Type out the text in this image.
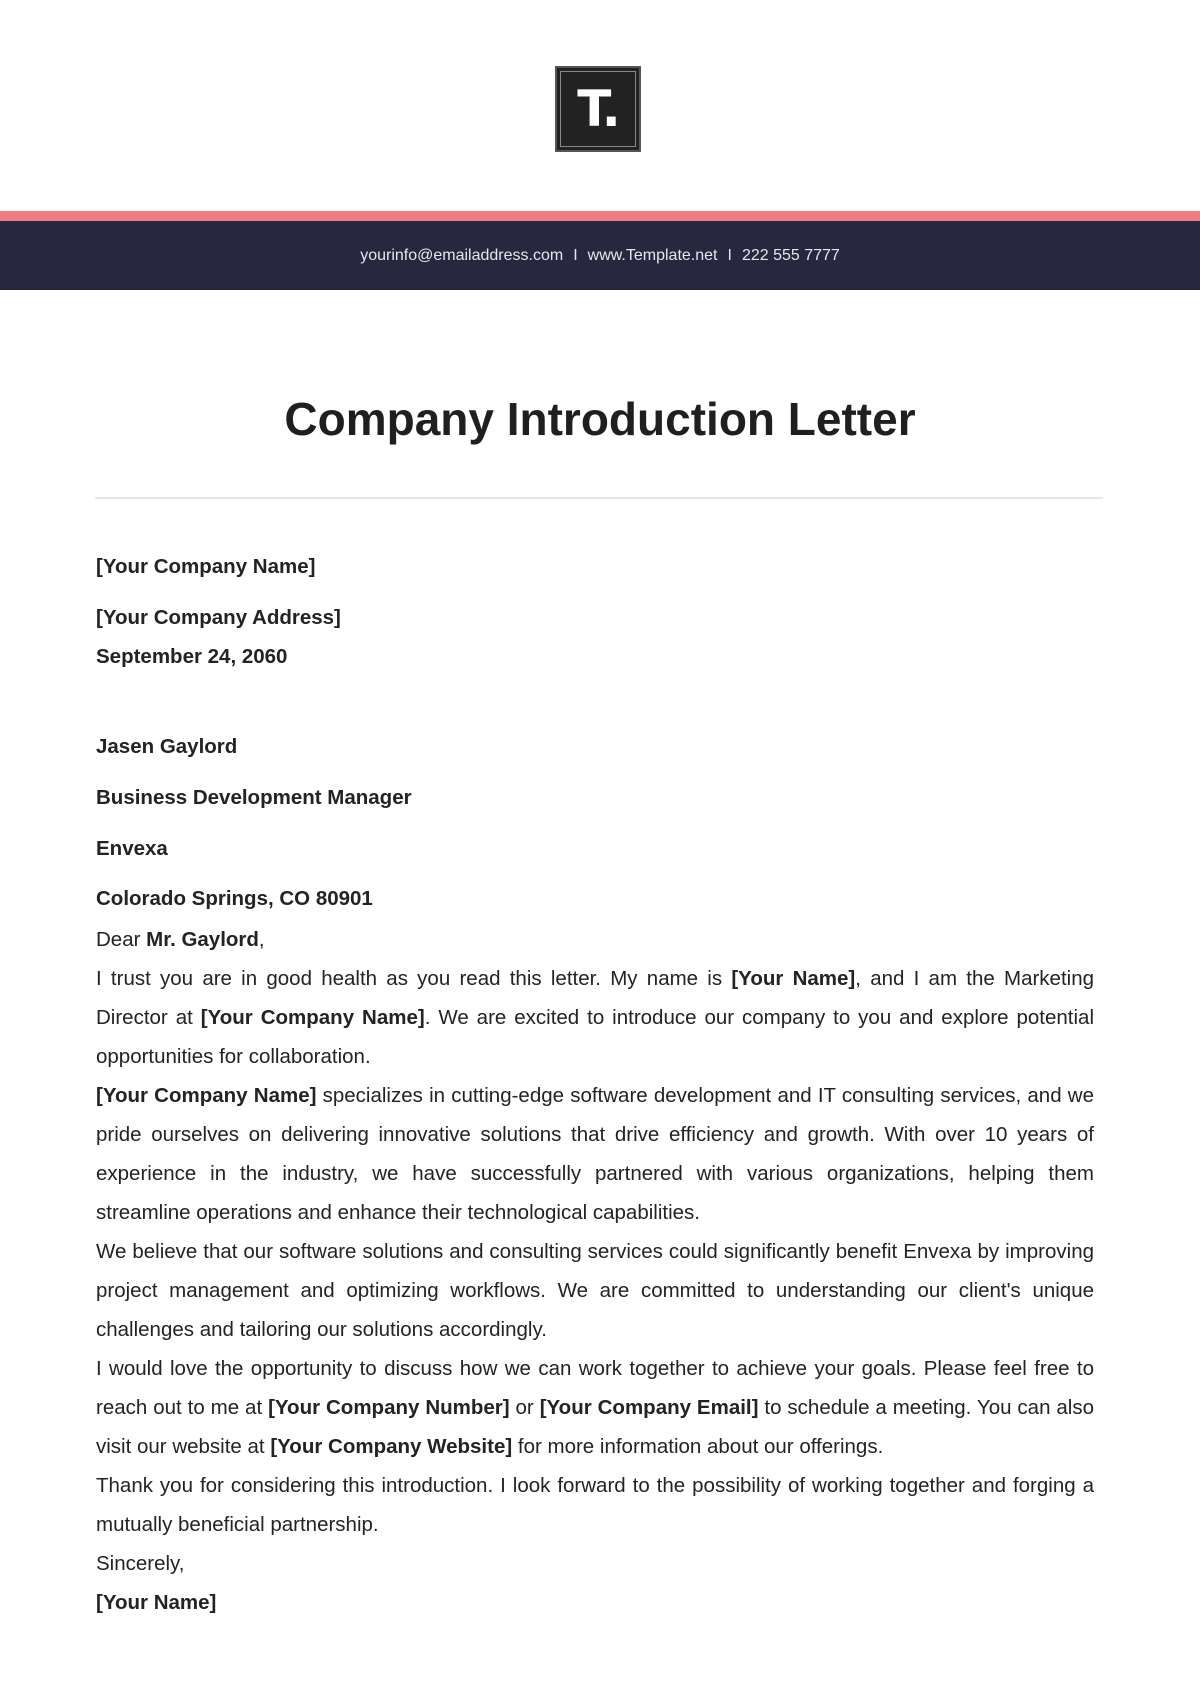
T.
yourinfo@emailaddress.com I www.Template.net I 222 555 7777
Company Introduction Letter
[Your Company Name]
[Your Company Address]
September 24, 2060
Jasen Gaylord
Business Development Manager
Envexa
Colorado Springs, CO 80901

Dear Mr. Gaylord,

I trust you are in good health as you read this letter. My name is [Your Name], and I am the Marketing Director at [Your Company Name]. We are excited to introduce our company to you and explore potential opportunities for collaboration.

[Your Company Name] specializes in cutting-edge software development and IT consulting services, and we pride ourselves on delivering innovative solutions that drive efficiency and growth. With over 10 years of experience in the industry, we have successfully partnered with various organizations, helping them streamline operations and enhance their technological capabilities.

We believe that our software solutions and consulting services could significantly benefit Envexa by improving project management and optimizing workflows. We are committed to understanding our client's unique challenges and tailoring our solutions accordingly.

I would love the opportunity to discuss how we can work together to achieve your goals. Please feel free to reach out to me at [Your Company Number] or [Your Company Email] to schedule a meeting. You can also visit our website at [Your Company Website] for more information about our offerings.

Thank you for considering this introduction. I look forward to the possibility of working together and forging a mutually beneficial partnership.

Sincerely,

[Your Name]
